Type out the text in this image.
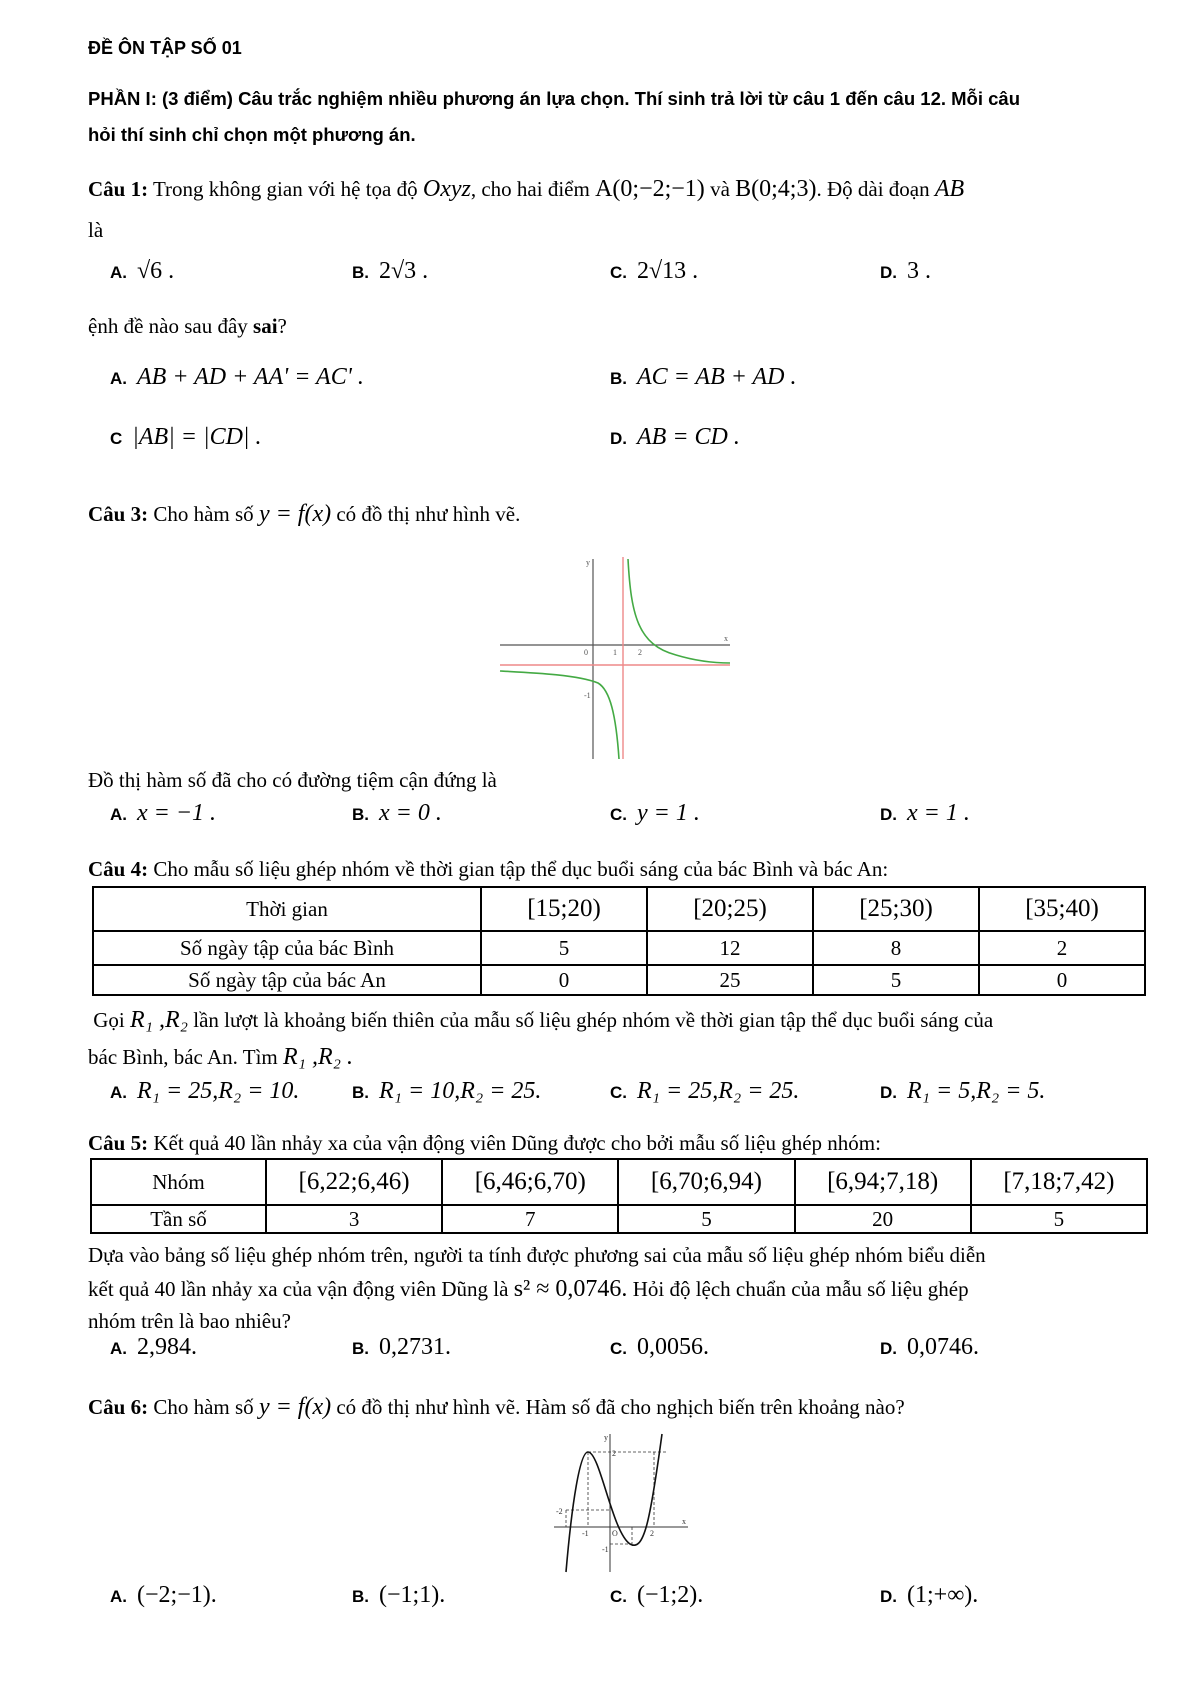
ĐỀ ÔN TẬP SỐ 01
PHẦN I: (3 điểm) Câu trắc nghiệm nhiều phương án lựa chọn. Thí sinh trả lời từ câu 1 đến câu 12. Mỗi câu
hỏi thí sinh chỉ chọn một phương án.
Câu 1: Trong không gian với hệ tọa độ Oxyz, cho hai điểm A(0;−2;−1) và B(0;4;3). Độ dài đoạn AB
là
A. √6 .	B. 2√3 .	C. 2√13 .	D. 3 .
ệnh đề nào sau đây sai?
A. AB + AD + AA' = AC' .	B. AC = AB + AD .
C |AB| = |CD| .	D. AB = CD .
Câu 3: Cho hàm số y = f(x) có đồ thị như hình vẽ.
y
x
0	1	2
-1
Đồ thị hàm số đã cho có đường tiệm cận đứng là
A. x = −1 .	B. x = 0 .	C. y = 1 .	D. x = 1 .
Câu 4: Cho mẫu số liệu ghép nhóm về thời gian tập thể dục buổi sáng của bác Bình và bác An:
Thời gian	[15;20)	[20;25)	[25;30)	[35;40)
Số ngày tập của bác Bình	5	12	8	2
Số ngày tập của bác An	0	25	5	0
Gọi R₁ ,R₂ lần lượt là khoảng biến thiên của mẫu số liệu ghép nhóm về thời gian tập thể dục buổi sáng của
bác Bình, bác An. Tìm R₁ ,R₂ .
A. R₁ = 25,R₂ = 10.	B. R₁ = 10,R₂ = 25.	C. R₁ = 25,R₂ = 25.	D. R₁ = 5,R₂ = 5.
Câu 5: Kết quả 40 lần nhảy xa của vận động viên Dũng được cho bởi mẫu số liệu ghép nhóm:
Nhóm	[6,22;6,46)	[6,46;6,70)	[6,70;6,94)	[6,94;7,18)	[7,18;7,42)
Tần số	3	7	5	20	5
Dựa vào bảng số liệu ghép nhóm trên, người ta tính được phương sai của mẫu số liệu ghép nhóm biểu diễn
kết quả 40 lần nhảy xa của vận động viên Dũng là s² ≈ 0,0746. Hỏi độ lệch chuẩn của mẫu số liệu ghép
nhóm trên là bao nhiêu?
A. 2,984.	B. 0,2731.	C. 0,0056.	D. 0,0746.
Câu 6: Cho hàm số y = f(x) có đồ thị như hình vẽ. Hàm số đã cho nghịch biến trên khoảng nào?
y
x
O
2
-1	2
-2
-1
A. (−2;−1).	B. (−1;1).	C. (−1;2).	D. (1;+∞).
